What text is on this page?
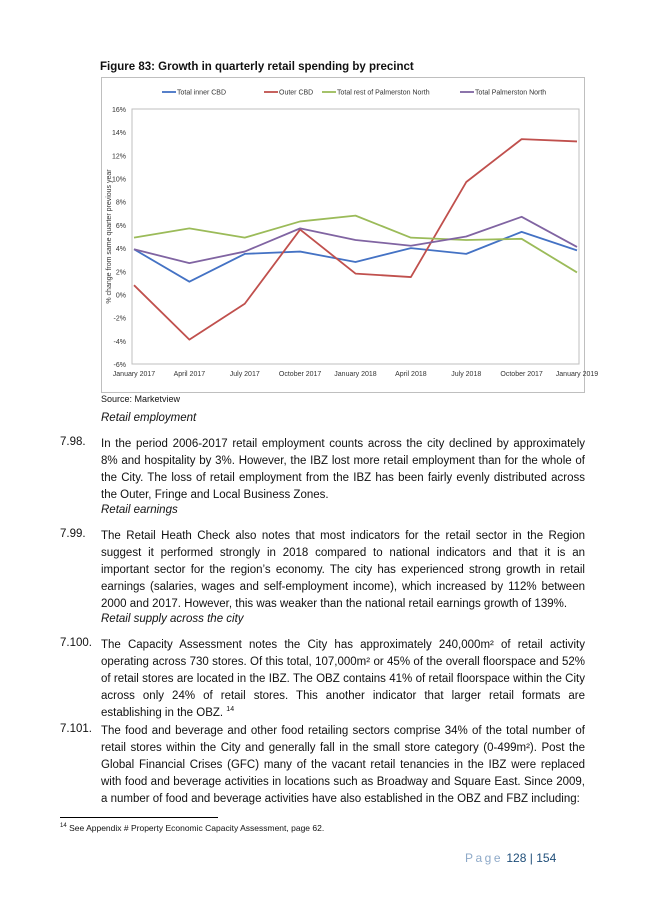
Figure 83: Growth in quarterly retail spending by precinct
-6%
-4%
-2%
0%
2%
4%
6%
8%
10%
12%
14%
16%
January 2017	April 2017	July 2017	October 2017 January 2018	April 2018	July 2018	October 2017 January 2019
% change from same quarter previous year
Total inner CBD	Outer CBD	Total rest of Palmerston North	Total Palmerston North
Source: Marketview
Retail employment
7.98. In the period 2006-2017 retail employment counts across the city declined by approximately 8% and hospitality by 3%. However, the IBZ lost more retail employment than for the whole of the City. The loss of retail employment from the IBZ has been fairly evenly distributed across the Outer, Fringe and Local Business Zones.
Retail earnings
7.99. The Retail Heath Check also notes that most indicators for the retail sector in the Region suggest it performed strongly in 2018 compared to national indicators and that it is an important sector for the region’s economy. The city has experienced strong growth in retail earnings (salaries, wages and self-employment income), which increased by 112% between 2000 and 2017. However, this was weaker than the national retail earnings growth of 139%.
Retail supply across the city
7.100. The Capacity Assessment notes the City has approximately 240,000m² of retail activity operating across 730 stores. Of this total, 107,000m² or 45% of the overall floorspace and 52% of retail stores are located in the IBZ. The OBZ contains 41% of retail floorspace within the City across only 24% of retail stores. This another indicator that larger retail formats are establishing in the OBZ. $^{14}$
7.101. The food and beverage and other food retailing sectors comprise 34% of the total number of retail stores within the City and generally fall in the small store category (0-499m²). Post the Global Financial Crises (GFC) many of the vacant retail tenancies in the IBZ were replaced with food and beverage activities in locations such as Broadway and Square East. Since 2009, a number of food and beverage activities have also established in the OBZ and FBZ including:
$^{14}$ See Appendix # Property Economic Capacity Assessment, page 62.
Page 128 | 154
